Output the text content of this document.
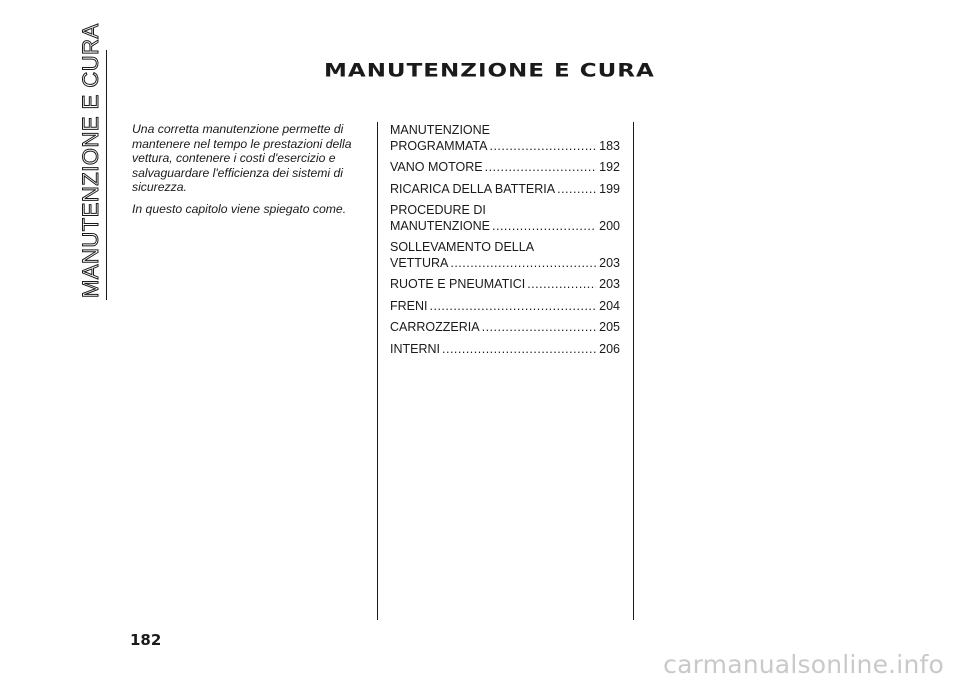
MANUTENZIONE E CURA	MANUTENZIONE E CURA

Una corretta manutenzione permette di mantenere nel tempo le prestazioni della vettura, contenere i costi d'esercizio e salvaguardare l'efficienza dei sistemi di sicurezza.

In questo capitolo viene spiegato come.

MANUTENZIONE
PROGRAMMATA .....	183
VANO MOTORE .....	192
RICARICA DELLA BATTERIA .....	199
PROCEDURE DI
MANUTENZIONE .....	200
SOLLEVAMENTO DELLA
VETTURA .....	203
RUOTE E PNEUMATICI .....	203
FRENI .....	204
CARROZZERIA .....	205
INTERNI .....	206
182
carmanualsonline.info
